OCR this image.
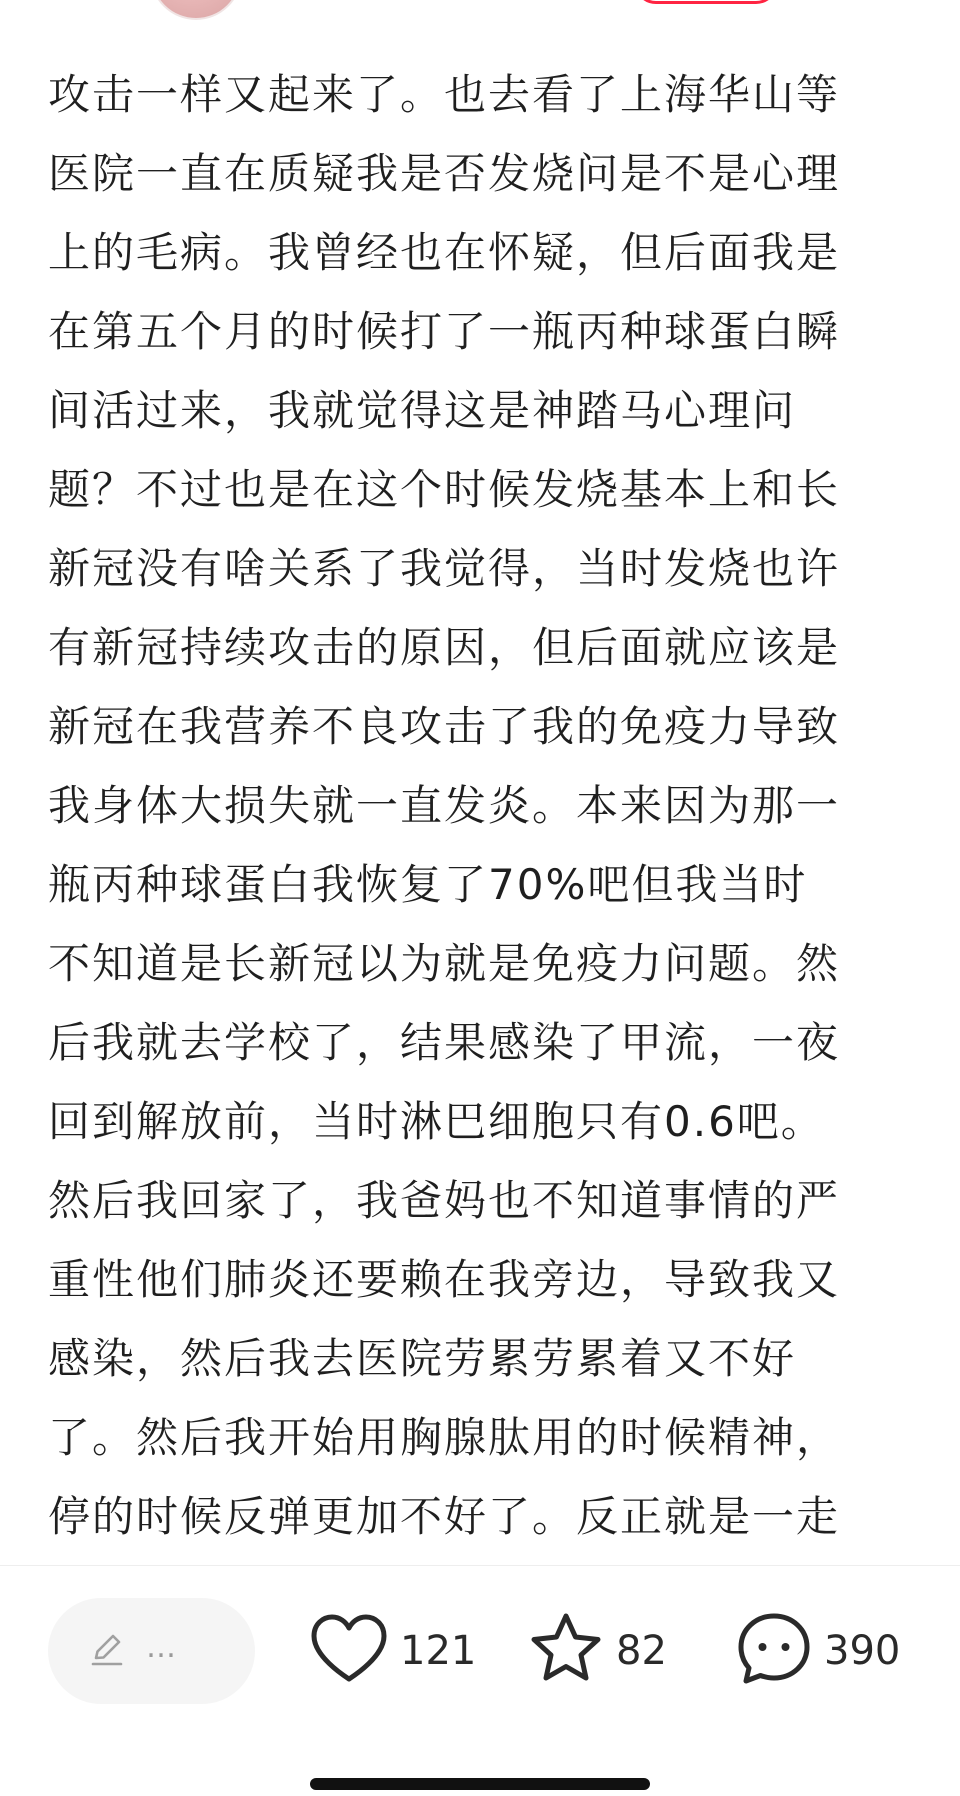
攻击一样又起来了。也去看了上海华山等

医院一直在质疑我是否发烧问是不是心理

上的毛病。我曾经也在怀疑，但后面我是

在第五个月的时候打了一瓶丙种球蛋白瞬

间活过来，我就觉得这是神踏马心理问

题？不过也是在这个时候发烧基本上和长

新冠没有啥关系了我觉得，当时发烧也许

有新冠持续攻击的原因，但后面就应该是

新冠在我营养不良攻击了我的免疫力导致

我身体大损失就一直发炎。本来因为那一

瓶丙种球蛋白我恢复了70%吧但我当时

不知道是长新冠以为就是免疫力问题。然

后我就去学校了，结果感染了甲流，一夜

回到解放前，当时淋巴细胞只有0.6吧。

然后我回家了，我爸妈也不知道事情的严

重性他们肺炎还要赖在我旁边，导致我又

感染，然后我去医院劳累劳累着又不好

了。然后我开始用胸腺肽用的时候精神，

停的时候反弹更加不好了。反正就是一走

…	121	82	390
